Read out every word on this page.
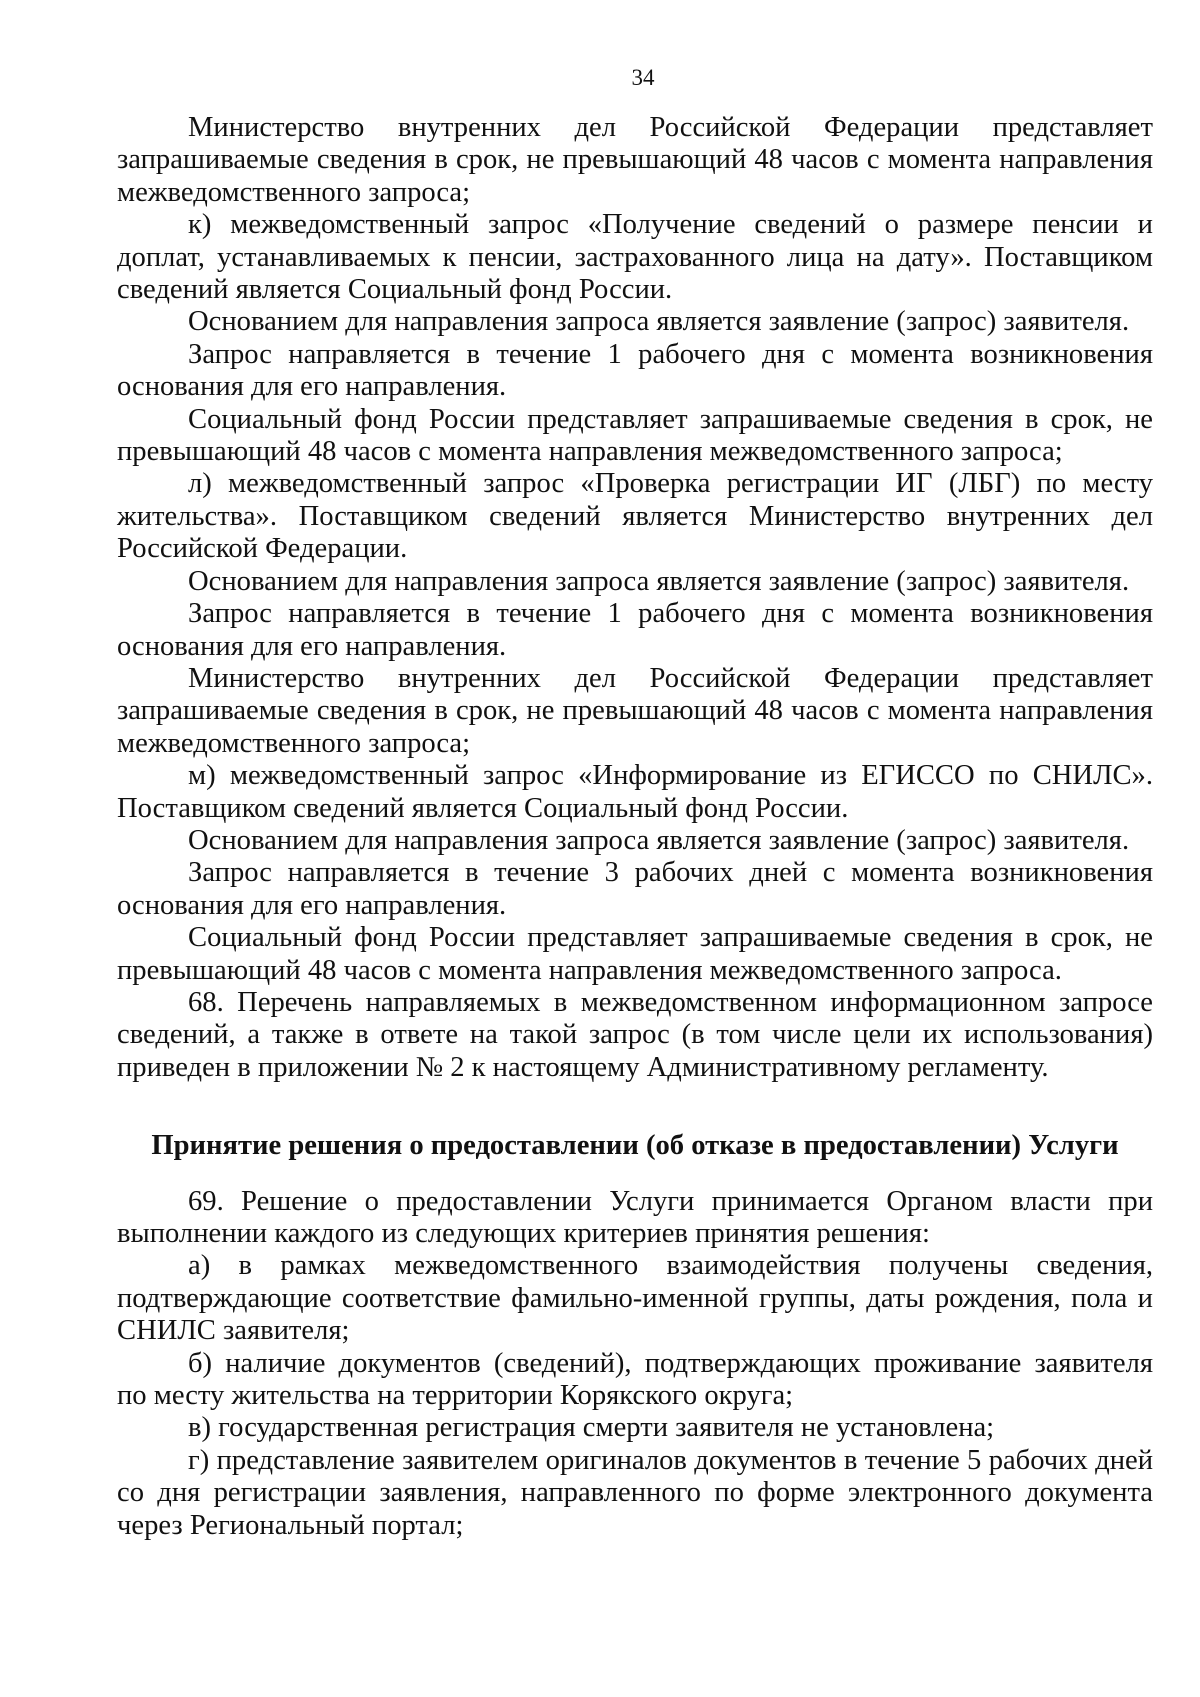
34

Министерство внутренних дел Российской Федерации представляет запрашиваемые сведения в срок, не превышающий 48 часов с момента направления межведомственного запроса;

к) межведомственный запрос «Получение сведений о размере пенсии и доплат, устанавливаемых к пенсии, застрахованного лица на дату». Поставщиком сведений является Социальный фонд России.

Основанием для направления запроса является заявление (запрос) заявителя.

Запрос направляется в течение 1 рабочего дня с момента возникновения основания для его направления.

Социальный фонд России представляет запрашиваемые сведения в срок, не превышающий 48 часов с момента направления межведомственного запроса;

л) межведомственный запрос «Проверка регистрации ИГ (ЛБГ) по месту жительства». Поставщиком сведений является Министерство внутренних дел Российской Федерации.

Основанием для направления запроса является заявление (запрос) заявителя.

Запрос направляется в течение 1 рабочего дня с момента возникновения основания для его направления.

Министерство внутренних дел Российской Федерации представляет запрашиваемые сведения в срок, не превышающий 48 часов с момента направления межведомственного запроса;

м) межведомственный запрос «Информирование из ЕГИССО по СНИЛС». Поставщиком сведений является Социальный фонд России.

Основанием для направления запроса является заявление (запрос) заявителя.

Запрос направляется в течение 3 рабочих дней с момента возникновения основания для его направления.

Социальный фонд России представляет запрашиваемые сведения в срок, не превышающий 48 часов с момента направления межведомственного запроса.

68. Перечень направляемых в межведомственном информационном запросе сведений, а также в ответе на такой запрос (в том числе цели их использования) приведен в приложении № 2 к настоящему Административному регламенту.

Принятие решения о предоставлении (об отказе в предоставлении) Услуги

69. Решение о предоставлении Услуги принимается Органом власти при выполнении каждого из следующих критериев принятия решения:

а) в рамках межведомственного взаимодействия получены сведения, подтверждающие соответствие фамильно-именной группы, даты рождения, пола и СНИЛС заявителя;

б) наличие документов (сведений), подтверждающих проживание заявителя по месту жительства на территории Корякского округа;

в) государственная регистрация смерти заявителя не установлена;

г) представление заявителем оригиналов документов в течение 5 рабочих дней со дня регистрации заявления, направленного по форме электронного документа через Региональный портал;
